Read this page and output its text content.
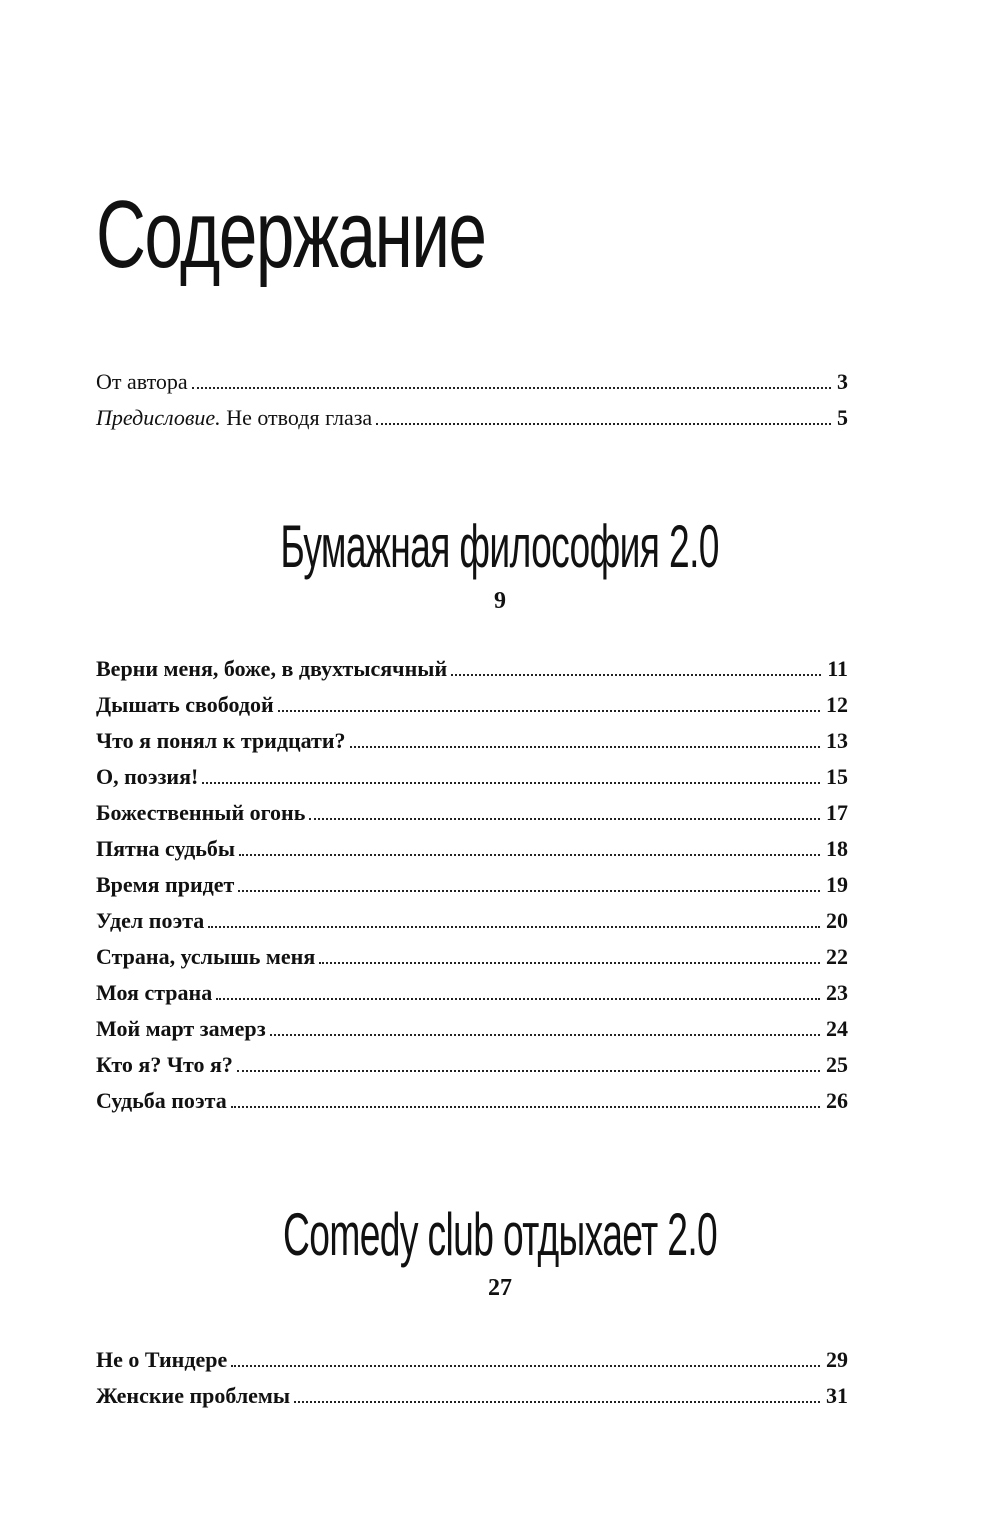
Содержание
От автора	3
Предисловие. Не отводя глаза	5
Бумажная философия 2.0
9
Верни меня, боже, в двухтысячный	11
Дышать свободой	12
Что я понял к тридцати?	13
О, поэзия!	15
Божественный огонь	17
Пятна судьбы	18
Время придет	19
Удел поэта	20
Страна, услышь меня	22
Моя страна	23
Мой март замерз	24
Кто я? Что я?	25
Судьба поэта	26
Comedy club отдыхает 2.0
27
Не о Тиндере	29
Женские проблемы	31
